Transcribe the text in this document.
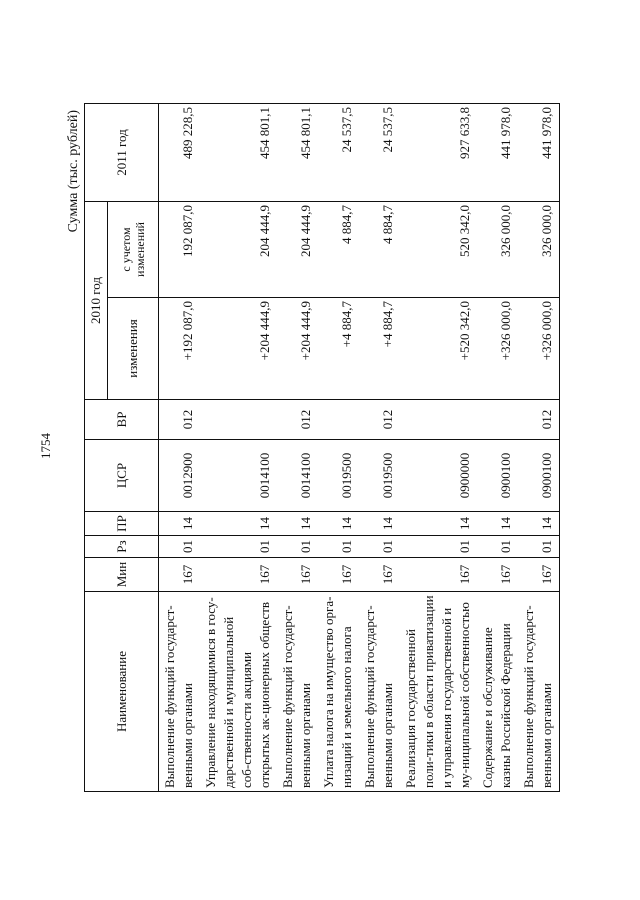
1754
Сумма (тыс. рублей)
Наименование	Мин	Рз	ПР	ЦСР	ВР	2010 год		2011 год
						изменения	с учетом изменений	
Выполнение функций государст-венными органами	167	01	14	0012900	012	+192 087,0	192 087,0	489 228,5
Управление находящимися в госу-дарственной и муниципальной соб-ственности акциями открытых ак-ционерных обществ	167	01	14	0014100		+204 444,9	204 444,9	454 801,1
Выполнение функций государст-венными органами	167	01	14	0014100	012	+204 444,9	204 444,9	454 801,1
Уплата налога на имущество орга-низаций и земельного налога	167	01	14	0019500		+4 884,7	4 884,7	24 537,5
Выполнение функций государст-венными органами	167	01	14	0019500	012	+4 884,7	4 884,7	24 537,5
Реализация государственной поли-тики в области приватизации и управления государственной и му-ниципальной собственностью	167	01	14	0900000		+520 342,0	520 342,0	927 633,8
Содержание и обслуживание казны Российской Федерации	167	01	14	0900100		+326 000,0	326 000,0	441 978,0
Выполнение функций государст-венными органами	167	01	14	0900100	012	+326 000,0	326 000,0	441 978,0
